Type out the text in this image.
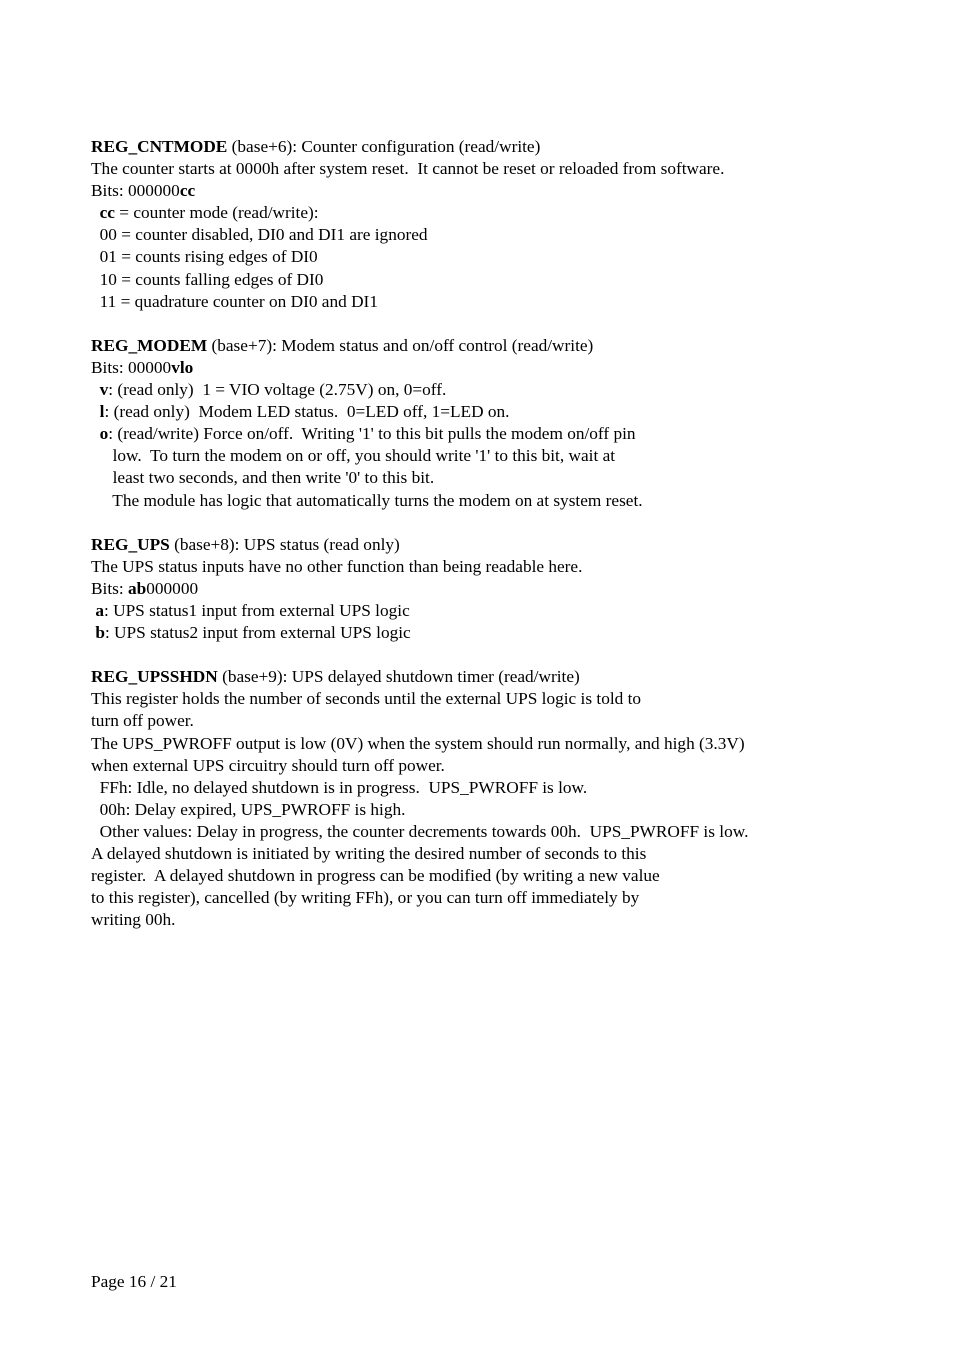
REG_CNTMODE (base+6): Counter configuration (read/write)
The counter starts at 0000h after system reset.  It cannot be reset or reloaded from software.
Bits: 000000cc
cc = counter mode (read/write):
00 = counter disabled, DI0 and DI1 are ignored
01 = counts rising edges of DI0
10 = counts falling edges of DI0
11 = quadrature counter on DI0 and DI1
REG_MODEM (base+7): Modem status and on/off control (read/write)
Bits: 00000vlo
v: (read only)  1 = VIO voltage (2.75V) on, 0=off.
l: (read only)  Modem LED status.  0=LED off, 1=LED on.
o: (read/write) Force on/off.  Writing '1' to this bit pulls the modem on/off pin
low.  To turn the modem on or off, you should write '1' to this bit, wait at
least two seconds, and then write '0' to this bit.
The module has logic that automatically turns the modem on at system reset.
REG_UPS (base+8): UPS status (read only)
The UPS status inputs have no other function than being readable here.
Bits: ab000000
a: UPS status1 input from external UPS logic
b: UPS status2 input from external UPS logic
REG_UPSSHDN (base+9): UPS delayed shutdown timer (read/write)
This register holds the number of seconds until the external UPS logic is told to
turn off power.
The UPS_PWROFF output is low (0V) when the system should run normally, and high (3.3V)
when external UPS circuitry should turn off power.
FFh: Idle, no delayed shutdown is in progress.  UPS_PWROFF is low.
00h: Delay expired, UPS_PWROFF is high.
Other values: Delay in progress, the counter decrements towards 00h.  UPS_PWROFF is low.
A delayed shutdown is initiated by writing the desired number of seconds to this
register.  A delayed shutdown in progress can be modified (by writing a new value
to this register), cancelled (by writing FFh), or you can turn off immediately by
writing 00h.
Page 16 / 21
